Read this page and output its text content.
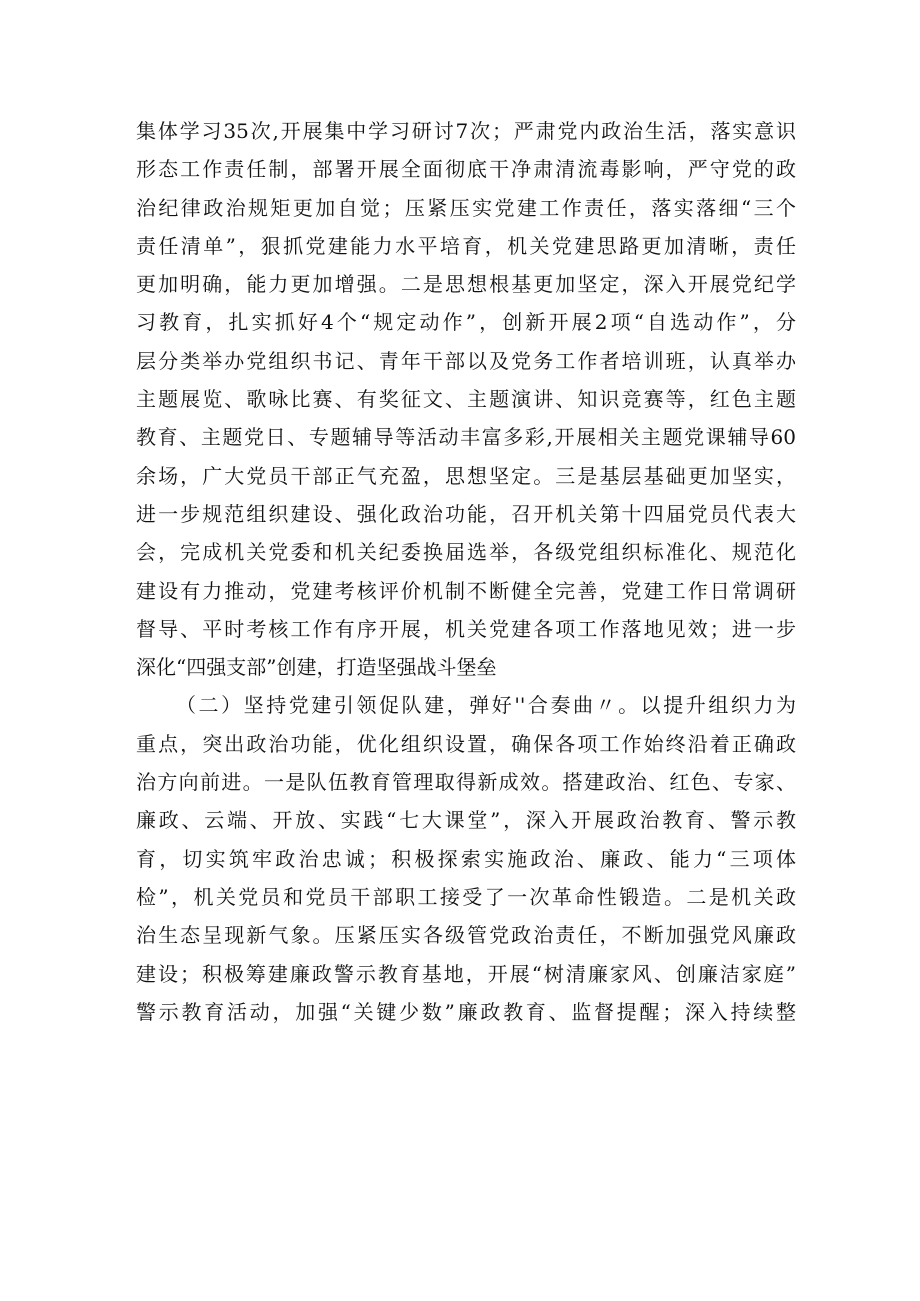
集体学习35次,开展集中学习研讨7次；严肃党内政治生活，落实意识
形态工作责任制，部署开展全面彻底干净肃清流毒影响，严守党的政
治纪律政治规矩更加自觉；压紧压实党建工作责任，落实落细“三个
责任清单”，狠抓党建能力水平培育，机关党建思路更加清晰，责任
更加明确，能力更加增强。二是思想根基更加坚定，深入开展党纪学
习教育，扎实抓好4个“规定动作”，创新开展2项“自选动作”，分
层分类举办党组织书记、青年干部以及党务工作者培训班，认真举办
主题展览、歌咏比赛、有奖征文、主题演讲、知识竞赛等，红色主题
教育、主题党日、专题辅导等活动丰富多彩,开展相关主题党课辅导60
余场，广大党员干部正气充盈，思想坚定。三是基层基础更加坚实，
进一步规范组织建设、强化政治功能，召开机关第十四届党员代表大
会，完成机关党委和机关纪委换届选举，各级党组织标准化、规范化
建设有力推动，党建考核评价机制不断健全完善，党建工作日常调研
督导、平时考核工作有序开展，机关党建各项工作落地见效；进一步
深化“四强支部”创建，打造坚强战斗堡垒
（二）坚持党建引领促队建，弹好''合奏曲〃。以提升组织力为
重点，突出政治功能，优化组织设置，确保各项工作始终沿着正确政
治方向前进。一是队伍教育管理取得新成效。搭建政治、红色、专家、
廉政、云端、开放、实践“七大课堂”，深入开展政治教育、警示教
育，切实筑牢政治忠诚；积极探索实施政治、廉政、能力“三项体
检”，机关党员和党员干部职工接受了一次革命性锻造。二是机关政
治生态呈现新气象。压紧压实各级管党政治责任，不断加强党风廉政
建设；积极筹建廉政警示教育基地，开展“树清廉家风、创廉洁家庭”
警示教育活动，加强“关键少数”廉政教育、监督提醒；深入持续整
